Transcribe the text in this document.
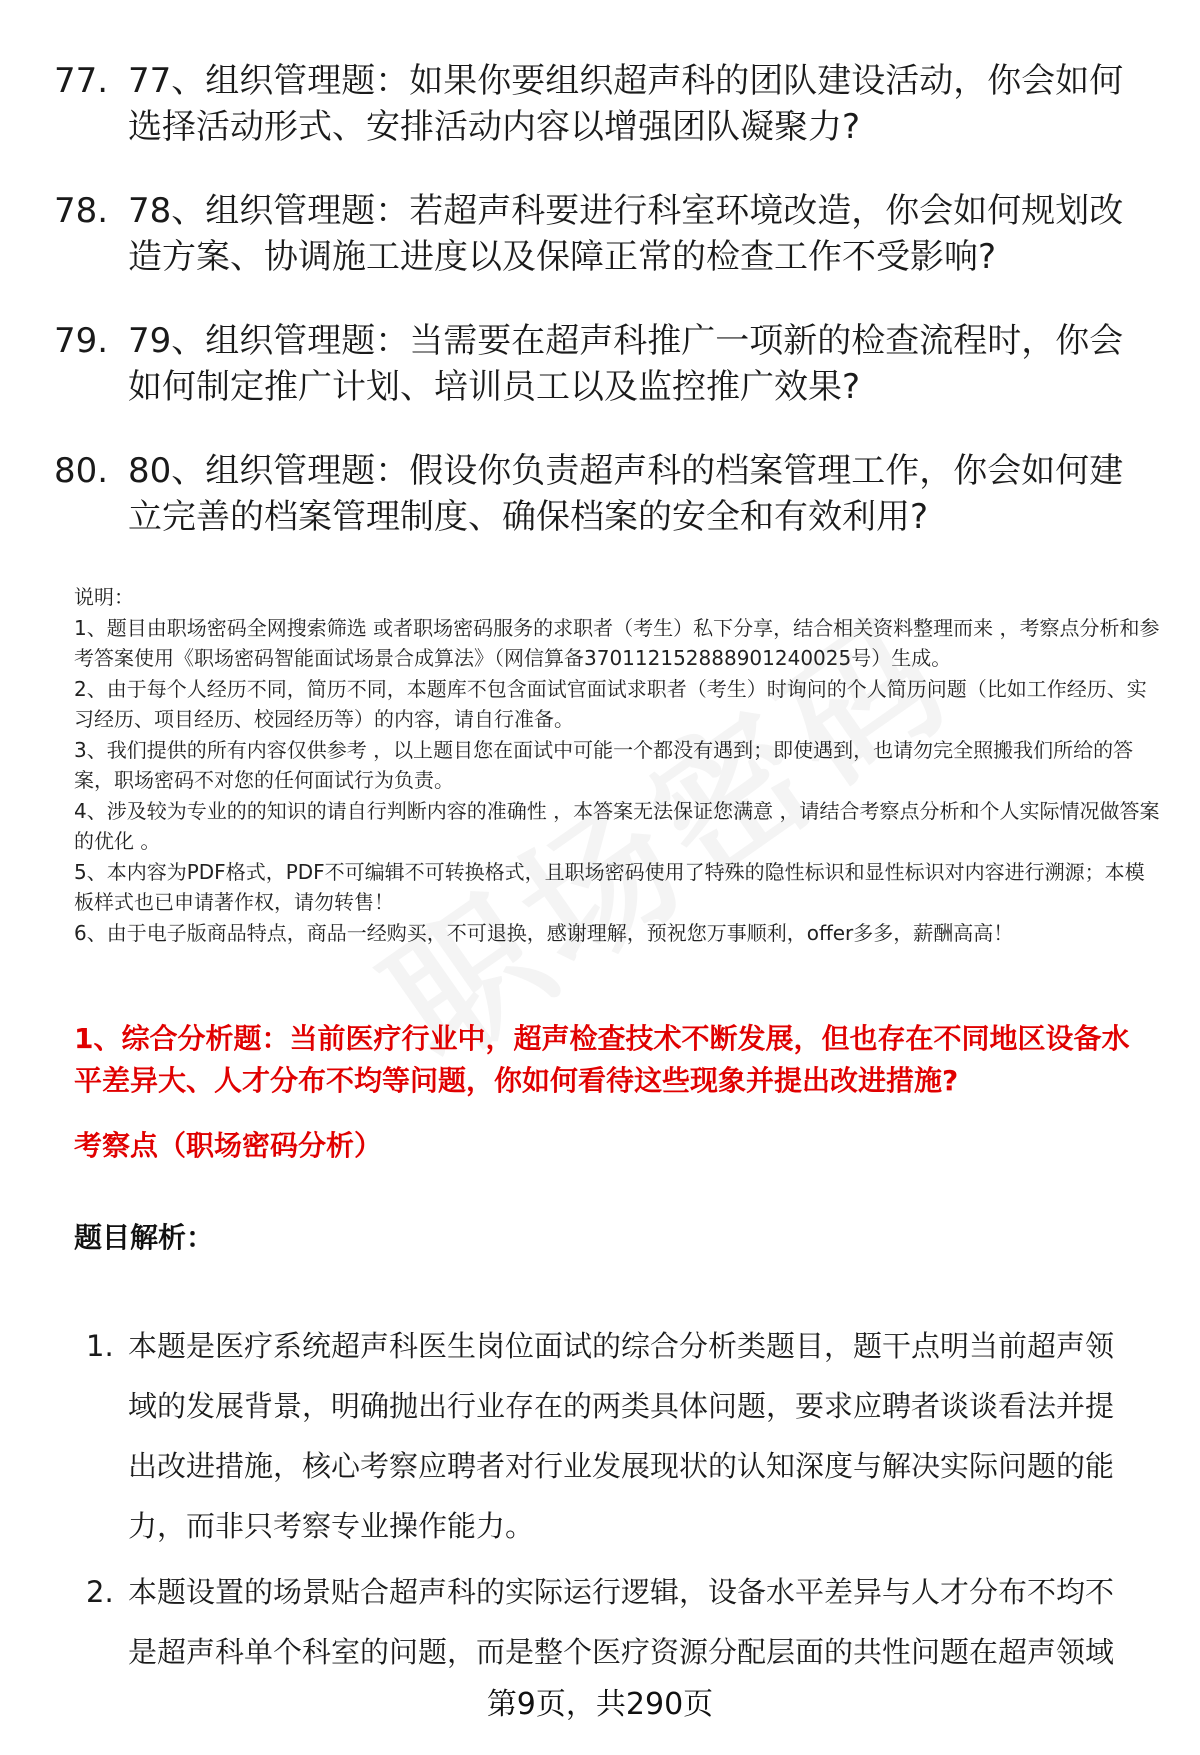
77. 77、组织管理题：如果你要组织超声科的团队建设活动，你会如何选择活动形式、安排活动内容以增强团队凝聚力?
78. 78、组织管理题：若超声科要进行科室环境改造，你会如何规划改造方案、协调施工进度以及保障正常的检查工作不受影响?
79. 79、组织管理题：当需要在超声科推广一项新的检查流程时，你会如何制定推广计划、培训员工以及监控推广效果?
80. 80、组织管理题：假设你负责超声科的档案管理工作，你会如何建立完善的档案管理制度、确保档案的安全和有效利用?

说明：

1、题目由职场密码全网搜索筛选 或者职场密码服务的求职者（考生）私下分享，结合相关资料整理而来 ，考察点分析和参考答案使用《职场密码智能面试场景合成算法》（网信算备370112152888901240025号）生成。

2、由于每个人经历不同，简历不同，本题库不包含面试官面试求职者（考生）时询问的个人简历问题（比如工作经历、实习经历、项目经历、校园经历等）的内容，请自行准备。

3、我们提供的所有内容仅供参考 ，以上题目您在面试中可能一个都没有遇到；即使遇到，也请勿完全照搬我们所给的答案，职场密码不对您的任何面试行为负责。

4、涉及较为专业的的知识的请自行判断内容的准确性 ，本答案无法保证您满意 ，请结合考察点分析和个人实际情况做答案的优化 。

5、本内容为PDF格式，PDF不可编辑不可转换格式，且职场密码使用了特殊的隐性标识和显性标识对内容进行溯源；本模板样式也已申请著作权，请勿转售！

6、由于电子版商品特点，商品一经购买，不可退换，感谢理解，预祝您万事顺利，offer多多，薪酬高高！

1、综合分析题：当前医疗行业中，超声检查技术不断发展，但也存在不同地区设备水平差异大、人才分布不均等问题，你如何看待这些现象并提出改进措施?
考察点（职场密码分析）
题目解析：
1. 本题是医疗系统超声科医生岗位面试的综合分析类题目，题干点明当前超声领域的发展背景，明确抛出行业存在的两类具体问题，要求应聘者谈谈看法并提出改进措施，核心考察应聘者对行业发展现状的认知深度与解决实际问题的能力，而非只考察专业操作能力。
2. 本题设置的场景贴合超声科的实际运行逻辑，设备水平差异与人才分布不均不是超声科单个科室的问题，而是整个医疗资源分配层面的共性问题在超声领域
第9页，共290页
